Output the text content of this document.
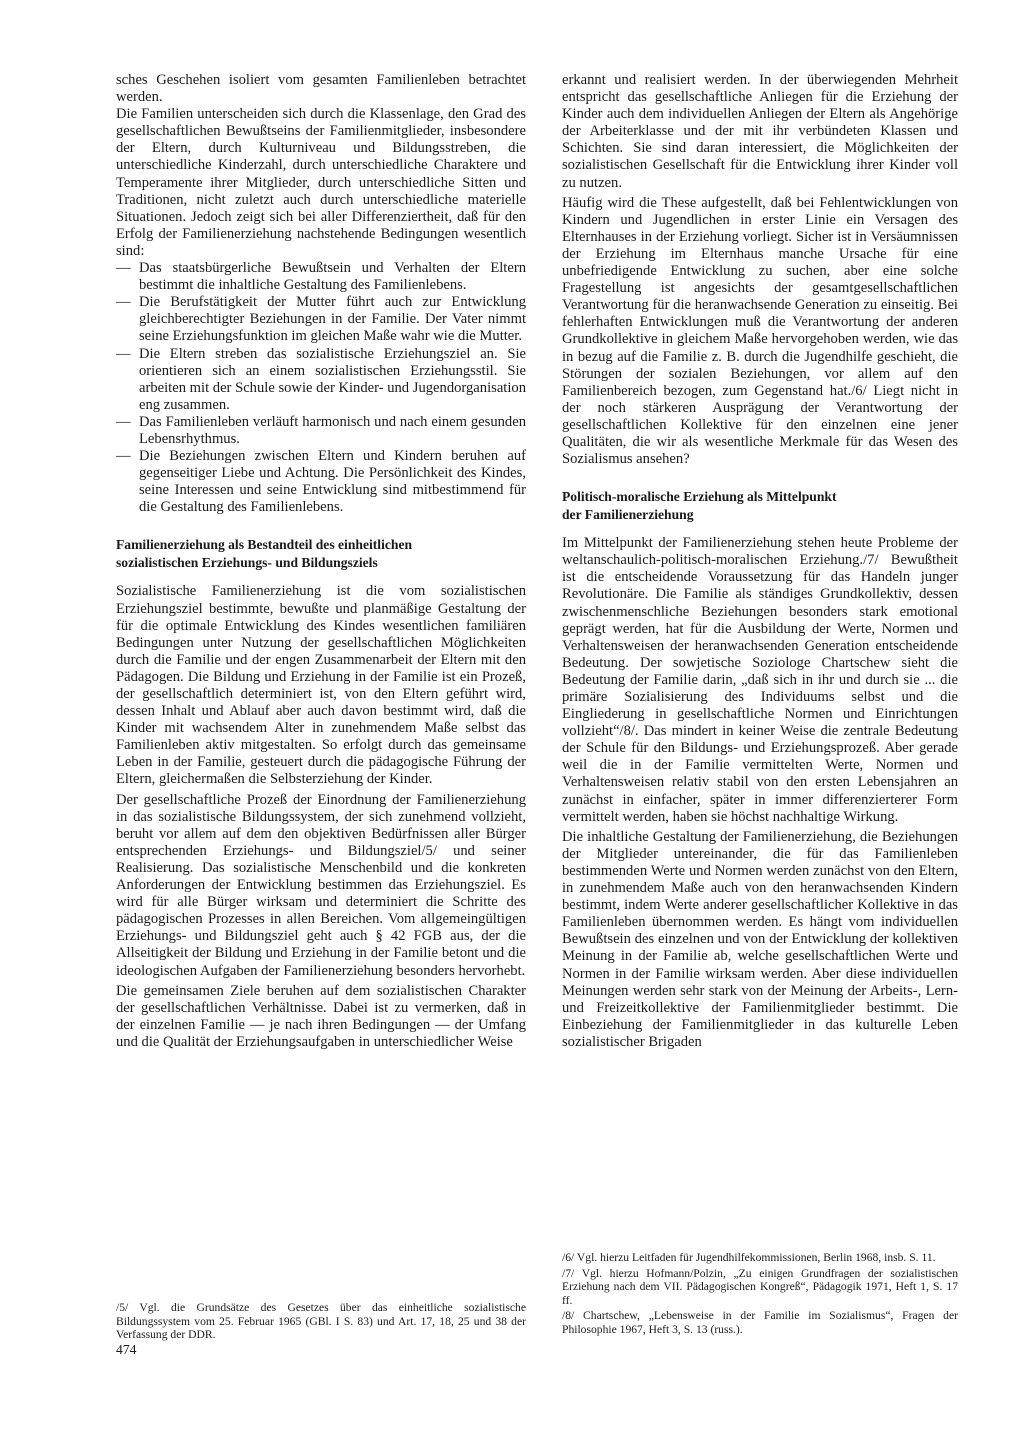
sches Geschehen isoliert vom gesamten Familienleben betrachtet werden.

Die Familien unterscheiden sich durch die Klassenlage, den Grad des gesellschaftlichen Bewußtseins der Familienmitglieder, insbesondere der Eltern, durch Kulturniveau und Bildungsstreben, die unterschiedliche Kinderzahl, durch unterschiedliche Charaktere und Temperamente ihrer Mitglieder, durch unterschiedliche Sitten und Traditionen, nicht zuletzt auch durch unterschiedliche materielle Situationen. Jedoch zeigt sich bei aller Differenziertheit, daß für den Erfolg der Familienerziehung nachstehende Bedingungen wesentlich sind:

— Das staatsbürgerliche Bewußtsein und Verhalten der Eltern bestimmt die inhaltliche Gestaltung des Familienlebens.
— Die Berufstätigkeit der Mutter führt auch zur Entwicklung gleichberechtigter Beziehungen in der Familie. Der Vater nimmt seine Erziehungsfunktion im gleichen Maße wahr wie die Mutter.
— Die Eltern streben das sozialistische Erziehungsziel an. Sie orientieren sich an einem sozialistischen Erziehungsstil. Sie arbeiten mit der Schule sowie der Kinder- und Jugendorganisation eng zusammen.
— Das Familienleben verläuft harmonisch und nach einem gesunden Lebensrhythmus.
— Die Beziehungen zwischen Eltern und Kindern beruhen auf gegenseitiger Liebe und Achtung. Die Persönlichkeit des Kindes, seine Interessen und seine Entwicklung sind mitbestimmend für die Gestaltung des Familienlebens.
Familienerziehung als Bestandteil des einheitlichen
sozialistischen Erziehungs- und Bildungsziels

Sozialistische Familienerziehung ist die vom sozialistischen Erziehungsziel bestimmte, bewußte und planmäßige Gestaltung der für die optimale Entwicklung des Kindes wesentlichen familiären Bedingungen unter Nutzung der gesellschaftlichen Möglichkeiten durch die Familie und der engen Zusammenarbeit der Eltern mit den Pädagogen. Die Bildung und Erziehung in der Familie ist ein Prozeß, der gesellschaftlich determiniert ist, von den Eltern geführt wird, dessen Inhalt und Ablauf aber auch davon bestimmt wird, daß die Kinder mit wachsendem Alter in zunehmendem Maße selbst das Familienleben aktiv mitgestalten. So erfolgt durch das gemeinsame Leben in der Familie, gesteuert durch die pädagogische Führung der Eltern, gleichermaßen die Selbsterziehung der Kinder.

Der gesellschaftliche Prozeß der Einordnung der Familienerziehung in das sozialistische Bildungssystem, der sich zunehmend vollzieht, beruht vor allem auf dem den objektiven Bedürfnissen aller Bürger entsprechenden Erziehungs- und Bildungsziel/5/ und seiner Realisierung. Das sozialistische Menschenbild und die konkreten Anforderungen der Entwicklung bestimmen das Erziehungsziel. Es wird für alle Bürger wirksam und determiniert die Schritte des pädagogischen Prozesses in allen Bereichen. Vom allgemeingültigen Erziehungs- und Bildungsziel geht auch § 42 FGB aus, der die Allseitigkeit der Bildung und Erziehung in der Familie betont und die ideologischen Aufgaben der Familienerziehung besonders hervorhebt.

Die gemeinsamen Ziele beruhen auf dem sozialistischen Charakter der gesellschaftlichen Verhältnisse. Dabei ist zu vermerken, daß in der einzelnen Familie — je nach ihren Bedingungen — der Umfang und die Qualität der Erziehungsaufgaben in unterschiedlicher Weise

erkannt und realisiert werden. In der überwiegenden Mehrheit entspricht das gesellschaftliche Anliegen für die Erziehung der Kinder auch dem individuellen Anliegen der Eltern als Angehörige der Arbeiterklasse und der mit ihr verbündeten Klassen und Schichten. Sie sind daran interessiert, die Möglichkeiten der sozialistischen Gesellschaft für die Entwicklung ihrer Kinder voll zu nutzen.

Häufig wird die These aufgestellt, daß bei Fehlentwicklungen von Kindern und Jugendlichen in erster Linie ein Versagen des Elternhauses in der Erziehung vorliegt. Sicher ist in Versäumnissen der Erziehung im Elternhaus manche Ursache für eine unbefriedigende Entwicklung zu suchen, aber eine solche Fragestellung ist angesichts der gesamtgesellschaftlichen Verantwortung für die heranwachsende Generation zu einseitig. Bei fehlerhaften Entwicklungen muß die Verantwortung der anderen Grundkollektive in gleichem Maße hervorgehoben werden, wie das in bezug auf die Familie z. B. durch die Jugendhilfe geschieht, die Störungen der sozialen Beziehungen, vor allem auf den Familienbereich bezogen, zum Gegenstand hat./6/ Liegt nicht in der noch stärkeren Ausprägung der Verantwortung der gesellschaftlichen Kollektive für den einzelnen eine jener Qualitäten, die wir als wesentliche Merkmale für das Wesen des Sozialismus ansehen?

Politisch-moralische Erziehung als Mittelpunkt
der Familienerziehung

Im Mittelpunkt der Familienerziehung stehen heute Probleme der weltanschaulich-politisch-moralischen Erziehung./7/ Bewußtheit ist die entscheidende Voraussetzung für das Handeln junger Revolutionäre. Die Familie als ständiges Grundkollektiv, dessen zwischenmenschliche Beziehungen besonders stark emotional geprägt werden, hat für die Ausbildung der Werte, Normen und Verhaltensweisen der heranwachsenden Generation entscheidende Bedeutung. Der sowjetische Soziologe Chartschew sieht die Bedeutung der Familie darin, „daß sich in ihr und durch sie ... die primäre Sozialisierung des Individuums selbst und die Eingliederung in gesellschaftliche Normen und Einrichtungen vollzieht“/8/. Das mindert in keiner Weise die zentrale Bedeutung der Schule für den Bildungs- und Erziehungsprozeß. Aber gerade weil die in der Familie vermittelten Werte, Normen und Verhaltensweisen relativ stabil von den ersten Lebensjahren an zunächst in einfacher, später in immer differenzierterer Form vermittelt werden, haben sie höchst nachhaltige Wirkung.

Die inhaltliche Gestaltung der Familienerziehung, die Beziehungen der Mitglieder untereinander, die für das Familienleben bestimmenden Werte und Normen werden zunächst von den Eltern, in zunehmendem Maße auch von den heranwachsenden Kindern bestimmt, indem Werte anderer gesellschaftlicher Kollektive in das Familienleben übernommen werden. Es hängt vom individuellen Bewußtsein des einzelnen und von der Entwicklung der kollektiven Meinung in der Familie ab, welche gesellschaftlichen Werte und Normen in der Familie wirksam werden. Aber diese individuellen Meinungen werden sehr stark von der Meinung der Arbeits-, Lern- und Freizeitkollektive der Familienmitglieder bestimmt. Die Einbeziehung der Familienmitglieder in das kulturelle Leben sozialistischer Brigaden

/5/ Vgl. die Grundsätze des Gesetzes über das einheitliche sozialistische Bildungssystem vom 25. Februar 1965 (GBl. I S. 83) und Art. 17, 18, 25 und 38 der Verfassung der DDR.
/6/ Vgl. hierzu Leitfaden für Jugendhilfekommissionen, Berlin 1968, insb. S. 11.
/7/ Vgl. hierzu Hofmann/Polzin, „Zu einigen Grundfragen der sozialistischen Erziehung nach dem VII. Pädagogischen Kongreß“, Pädagogik 1971, Heft 1, S. 17 ff.
/8/ Chartschew, „Lebensweise in der Familie im Sozialismus“, Fragen der Philosophie 1967, Heft 3, S. 13 (russ.).
474
